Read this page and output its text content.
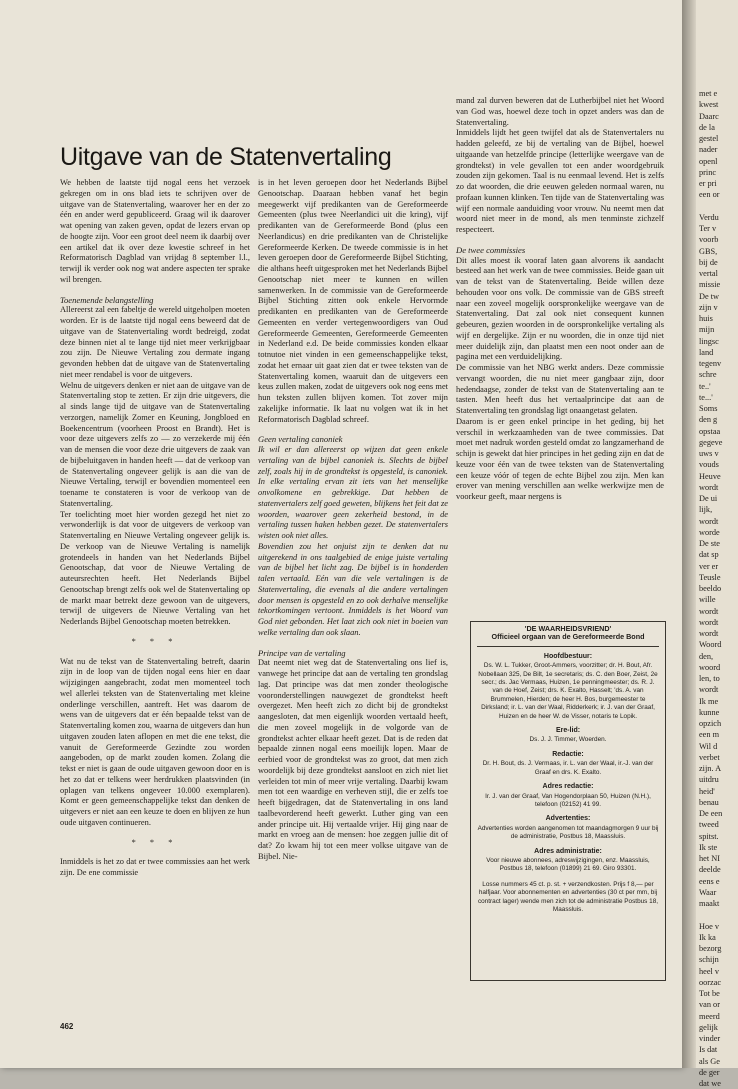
Uitgave van de Statenvertaling

We hebben de laatste tijd nogal eens het verzoek gekregen om in ons blad iets te schrijven over de uitgave van de Statenvertaling, waarover her en der zo één en ander werd gepubliceerd. Graag wil ik daarover wat opening van zaken geven, opdat de lezers ervan op de hoogte zijn. Voor een groot deel neem ik daarbij over een artikel dat ik over deze kwestie schreef in het Reformatorisch Dagblad van vrijdag 8 september l.l., terwijl ik verder ook nog wat andere aspecten ter sprake wil brengen.

Toenemende belangstelling

Allereerst zal een fabeltje de wereld uitgeholpen moeten worden. Er is de laatste tijd nogal eens beweerd dat de uitgave van de Statenvertaling wordt bedreigd, zodat deze binnen niet al te lange tijd niet meer verkrijgbaar zou zijn. De Nieuwe Vertaling zou dermate ingang gevonden hebben dat de uitgave van de Statenvertaling niet meer rendabel is voor de uitgevers.

Welnu de uitgevers denken er niet aan de uitgave van de Statenvertaling stop te zetten. Er zijn drie uitgevers, die al sinds lange tijd de uitgave van de Statenvertaling verzorgen, namelijk Zomer en Keuning, Jongbloed en Boekencentrum (voorheen Proost en Brandt). Het is voor deze uitgevers zelfs zo — zo verzekerde mij één van de mensen die voor deze drie uitgevers de zaak van de bijbeluitgaven in handen heeft — dat de verkoop van de Statenvertaling ongeveer gelijk is aan die van de Nieuwe Vertaling, terwijl er bovendien momenteel een toename te constateren is voor de verkoop van de Statenvertaling.

Ter toelichting moet hier worden gezegd het niet zo verwonderlijk is dat voor de uitgevers de verkoop van Statenvertaling en Nieuwe Vertaling ongeveer gelijk is. De verkoop van de Nieuwe Vertaling is namelijk grotendeels in handen van het Nederlands Bijbel Genootschap, dat voor de Nieuwe Vertaling de auteursrechten heeft. Het Nederlands Bijbel Genootschap brengt zelfs ook wel de Statenvertaling op de markt maar betrekt deze gewoon van de uitgevers, terwijl de uitgevers de Nieuwe Vertaling van het Nederlands Bijbel Genootschap moeten betrekken.

* * *

Wat nu de tekst van de Statenvertaling betreft, daarin zijn in de loop van de tijden nogal eens hier en daar wijzigingen aangebracht, zodat men momenteel toch wel allerlei teksten van de Statenvertaling met kleine onderlinge verschillen, aantreft. Het was daarom de wens van de uitgevers dat er één bepaalde tekst van de Statenvertaling komen zou, waarna de uitgevers dan hun uitgaven zouden laten aflopen en met die ene tekst, die vanuit de Gereformeerde Gezindte zou worden aangeboden, op de markt zouden komen. Zolang die tekst er niet is gaan de oude uitgaven gewoon door en is het zo dat er telkens weer herdrukken plaatsvinden (in oplagen van telkens ongeveer 10.000 exemplaren). Komt er geen gemeenschappelijke tekst dan denken de uitgevers er niet aan een keuze te doen en blijven ze hun oude uitgaven continueren.

* * *

Inmiddels is het zo dat er twee commissies aan het werk zijn. De ene commissie

is in het leven geroepen door het Nederlands Bijbel Genootschap. Daaraan hebben vanaf het begin meegewerkt vijf predikanten van de Gereformeerde Gemeenten (plus twee Neerlandici uit die kring), vijf predikanten van de Gereformeerde Bond (plus een Neerlandicus) en drie predikanten van de Christelijke Gereformeerde Kerken. De tweede commissie is in het leven geroepen door de Gereformeerde Bijbel Stichting, die althans heeft uitgesproken met het Nederlands Bijbel Genootschap niet meer te kunnen en willen samenwerken. In de commissie van de Gereformeerde Bijbel Stichting zitten ook enkele Hervormde predikanten en predikanten van de Gereformeerde Gemeenten en verder vertegenwoordigers van Oud Gereformeerde Gemeenten, Gereformeerde Gemeenten in Nederland e.d. De beide commissies konden elkaar totnutoe niet vinden in een gemeenschappelijke tekst, zodat het ernaar uit gaat zien dat er twee teksten van de Statenvertaling komen, waaruit dan de uitgevers een keus zullen maken, zodat de uitgevers ook nog eens met hun teksten zullen blijven komen. Tot zover mijn zakelijke informatie. Ik laat nu volgen wat ik in het Reformatorisch Dagblad schreef.

Geen vertaling canoniek

Ik wil er dan allereerst op wijzen dat geen enkele vertaling van de bijbel canoniek is. Slechts de bijbel zelf, zoals hij in de grondtekst is opgesteld, is canoniek. In elke vertaling ervan zit iets van het menselijke onvolkomene en gebrekkige. Dat hebben de statenvertalers zelf goed geweten, blijkens het feit dat ze woorden, waarover geen zekerheid bestond, in de vertaling tussen haken hebben gezet. De statenvertalers wisten ook niet alles.

Bovendien zou het onjuist zijn te denken dat nu uitgerekend in ons taalgebied de enige juiste vertaling van de bijbel het licht zag. De bijbel is in honderden talen vertaald. Eén van die vele vertalingen is de Statenvertaling, die evenals al die andere vertalingen door mensen is opgesteld en zo ook derhalve menselijke tekortkomingen vertoont. Inmiddels is het Woord van God niet gebonden. Het laat zich ook niet in boeien van welke vertaling dan ook slaan.

Principe van de vertaling

Dat neemt niet weg dat de Statenvertaling ons lief is, vanwege het principe dat aan de vertaling ten grondslag lag. Dat principe was dat men zonder theologische vooronderstellingen nauwgezet de grondtekst heeft overgezet. Men heeft zich zo dicht bij de grondtekst aangesloten, dat men eigenlijk woorden vertaald heeft, die men zoveel mogelijk in de volgorde van de grondtekst achter elkaar heeft gezet. Dat is de reden dat bepaalde zinnen nogal eens moeilijk lopen. Maar de eerbied voor de grondtekst was zo groot, dat men zich woordelijk bij deze grondtekst aansloot en zich niet liet verleiden tot min of meer vrije vertaling. Daarbij kwam men tot een waardige en verheven stijl, die er zelfs toe heeft bijgedragen, dat de Statenvertaling in ons land taalbevorderend heeft gewerkt. Luther ging van een ander principe uit. Hij vertaalde vrijer. Hij ging naar de markt en vroeg aan de mensen: hoe zeggen jullie dit of dat? Zo kwam hij tot een meer volkse uitgave van de Bijbel. Nie-

mand zal durven beweren dat de Lutherbijbel niet het Woord van God was, hoewel deze toch in opzet anders was dan de Statenvertaling.

Inmiddels lijdt het geen twijfel dat als de Statenvertalers nu hadden geleefd, ze bij de vertaling van de Bijbel, hoewel uitgaande van hetzelfde principe (letterlijke weergave van de grondtekst) in vele gevallen tot een ander woordgebruik zouden zijn gekomen. Taal is nu eenmaal levend. Het is zelfs zo dat woorden, die drie eeuwen geleden normaal waren, nu profaan kunnen klinken. Ten tijde van de Statenvertaling was wijf een normale aanduiding voor vrouw. Nu neemt men dat woord niet meer in de mond, als men tenminste zichzelf respecteert.

De twee commissies

Dit alles moest ik vooraf laten gaan alvorens ik aandacht besteed aan het werk van de twee commissies. Beide gaan uit van de tekst van de Statenvertaling. Beide willen deze behouden voor ons volk. De commissie van de GBS streeft naar een zoveel mogelijk oorspronkelijke weergave van de Statenvertaling. Dat zal ook niet consequent kunnen gebeuren, gezien woorden in de oorspronkelijke vertaling als wijf en dergelijke. Zijn er nu woorden, die in onze tijd niet meer duidelijk zijn, dan plaatst men een noot onder aan de pagina met een verduidelijking.

De commissie van het NBG werkt anders. Deze commissie vervangt woorden, die nu niet meer gangbaar zijn, door hedendaagse, zonder de tekst van de Statenvertaling aan te tasten. Men heeft dus het vertaalprincipe dat aan de Statenvertaling ten grondslag ligt onaangetast gelaten.

Daarom is er geen enkel principe in het geding, bij het verschil in werkzaamheden van de twee commissies. Dat moet met nadruk worden gesteld omdat zo langzamerhand de schijn is gewekt dat hier principes in het geding zijn en dat de keuze voor één van de twee teksten van de Statenvertaling een keuze vóór of tegen de echte Bijbel zou zijn. Men kan erover van mening verschillen aan welke werkwijze men de voorkeur geeft, maar nergens is

'DE WAARHEIDSVRIEND'

Officieel orgaan van de Gereformeerde Bond

Hoofdbestuur:

Ds. W. L. Tukker, Groot-Ammers, voorzitter; dr. H. Bout, Afr. Nobellaan 325, De Bilt, 1e secretaris; ds. C. den Boer, Zeist, 2e secr.; ds. Jac Vermaas, Huizen, 1e penningmeester; ds. R. J. van de Hoef, Zeist; drs. K. Exalto, Hasselt; 'ds. A. van Brummelen, Hierden; de heer H. Bos, burgemeester te Dirksland; ir. L. van der Waal, Ridderkerk; ir. J. van der Graaf, Huizen en de heer W. de Visser, notaris te Lopik.

Ere-lid:

Ds. J. J. Timmer, Woerden.

Redactie:

Dr. H. Bout, ds. J. Vermaas, ir. L. van der Waal, ir.-J. van der Graaf en drs. K. Exalto.

Adres redactie:

Ir. J. van der Graaf, Van Hogendorplaan 50, Huizen (N.H.), telefoon (02152) 41 99.

Advertenties:

Advertenties worden aangenomen tot maandagmorgen 9 uur bij de administratie, Postbus 18, Maassluis.

Adres administratie:

Voor nieuwe abonnees, adreswijzigingen, enz. Maassluis, Postbus 18, telefoon (01899) 21 69. Giro 93301.

Losse nummers 45 ct. p. st. + verzendkosten. Prijs f 8,— per halfjaar. Voor abonnementen en advertenties (30 ct per mm, bij contract lager) wende men zich tot de administratie Postbus 18, Maassluis.

462
met e
kwest
Daarc
de la
gestel
nader
openl
princ
er pri
een or
Verdu
Ter v
voorb
GBS,
bij de
vertal
missie
De tw
zijn v
huis
mijn
lingsc
land
tegenv
schre
te..'
te...'
Soms
den g
opstaa
gegeve
uws v
vouds
Heuve
wordt
De ui
lijk,
wordt
worde
De ste
dat sp
ver er
Teusle
beeldo
wille
wordt
wordt
wordt
Woord
den,
woord
len, to
wordt
Ik me
kunne
opzich
een m
Wil d
verbet
zijn. A
uitdru
heid'
benau
De een
tweed
spitst.
Ik ste
het NI
deelde
eens e
Waar
maakt
Hoe v
Ik ka
bezorg
schijn
heel v
oorzac
Tot be
van or
meerd
gelijk
vinder
Is dat
als Ge
de ger
dat we
